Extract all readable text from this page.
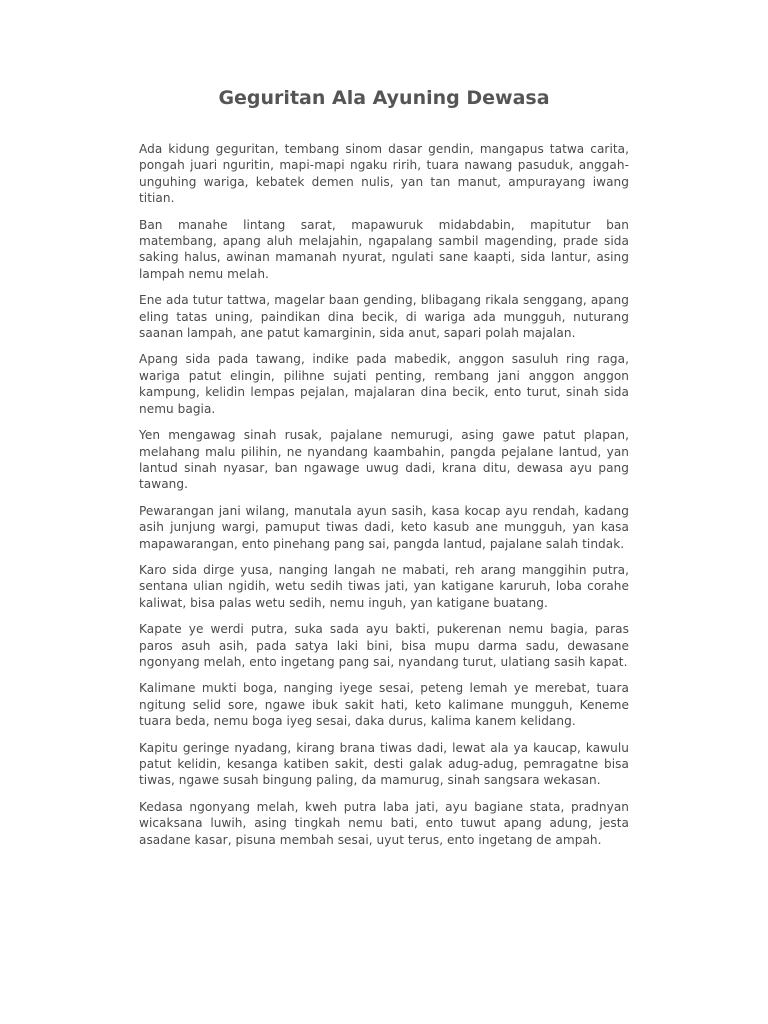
Geguritan Ala Ayuning Dewasa

Ada kidung geguritan, tembang sinom dasar gendin, mangapus tatwa carita, pongah juari nguritin, mapi-mapi ngaku ririh, tuara nawang pasuduk, anggah-unguhing wariga, kebatek demen nulis, yan tan manut, ampurayang iwang titian.

Ban manahe lintang sarat, mapawuruk midabdabin, mapitutur ban matembang, apang aluh melajahin, ngapalang sambil magending, prade sida saking halus, awinan mamanah nyurat, ngulati sane kaapti, sida lantur, asing lampah nemu melah.

Ene ada tutur tattwa, magelar baan gending, blibagang rikala senggang, apang eling tatas uning, paindikan dina becik, di wariga ada mungguh, nuturang saanan lampah, ane patut kamarginin, sida anut, sapari polah majalan.

Apang sida pada tawang, indike pada mabedik, anggon sasuluh ring raga, wariga patut elingin, pilihne sujati penting, rembang jani anggon anggon kampung, kelidin lempas pejalan, majalaran dina becik, ento turut, sinah sida nemu bagia.

Yen mengawag sinah rusak, pajalane nemurugi, asing gawe patut plapan, melahang malu pilihin, ne nyandang kaambahin, pangda pejalane lantud, yan lantud sinah nyasar, ban ngawage uwug dadi, krana ditu, dewasa ayu pang tawang.

Pewarangan jani wilang, manutala ayun sasih, kasa kocap ayu rendah, kadang asih junjung wargi, pamuput tiwas dadi, keto kasub ane mungguh, yan kasa mapawarangan, ento pinehang pang sai, pangda lantud, pajalane salah tindak.

Karo sida dirge yusa, nanging langah ne mabati, reh arang manggihin putra, sentana ulian ngidih, wetu sedih tiwas jati, yan katigane karuruh, loba corahe kaliwat, bisa palas wetu sedih, nemu inguh, yan katigane buatang.

Kapate ye werdi putra, suka sada ayu bakti, pukerenan nemu bagia, paras paros asuh asih, pada satya laki bini, bisa mupu darma sadu, dewasane ngonyang melah, ento ingetang pang sai, nyandang turut, ulatiang sasih kapat.

Kalimane mukti boga, nanging iyege sesai, peteng lemah ye merebat, tuara ngitung selid sore, ngawe ibuk sakit hati, keto kalimane mungguh, Keneme tuara beda, nemu boga iyeg sesai, daka durus, kalima kanem kelidang.

Kapitu geringe nyadang, kirang brana tiwas dadi, lewat ala ya kaucap, kawulu patut kelidin, kesanga katiben sakit, desti galak adug-adug, pemragatne bisa tiwas, ngawe susah bingung paling, da mamurug, sinah sangsara wekasan.

Kedasa ngonyang melah, kweh putra laba jati, ayu bagiane stata, pradnyan wicaksana luwih, asing tingkah nemu bati, ento tuwut apang adung, jesta asadane kasar, pisuna membah sesai, uyut terus, ento ingetang de ampah.
